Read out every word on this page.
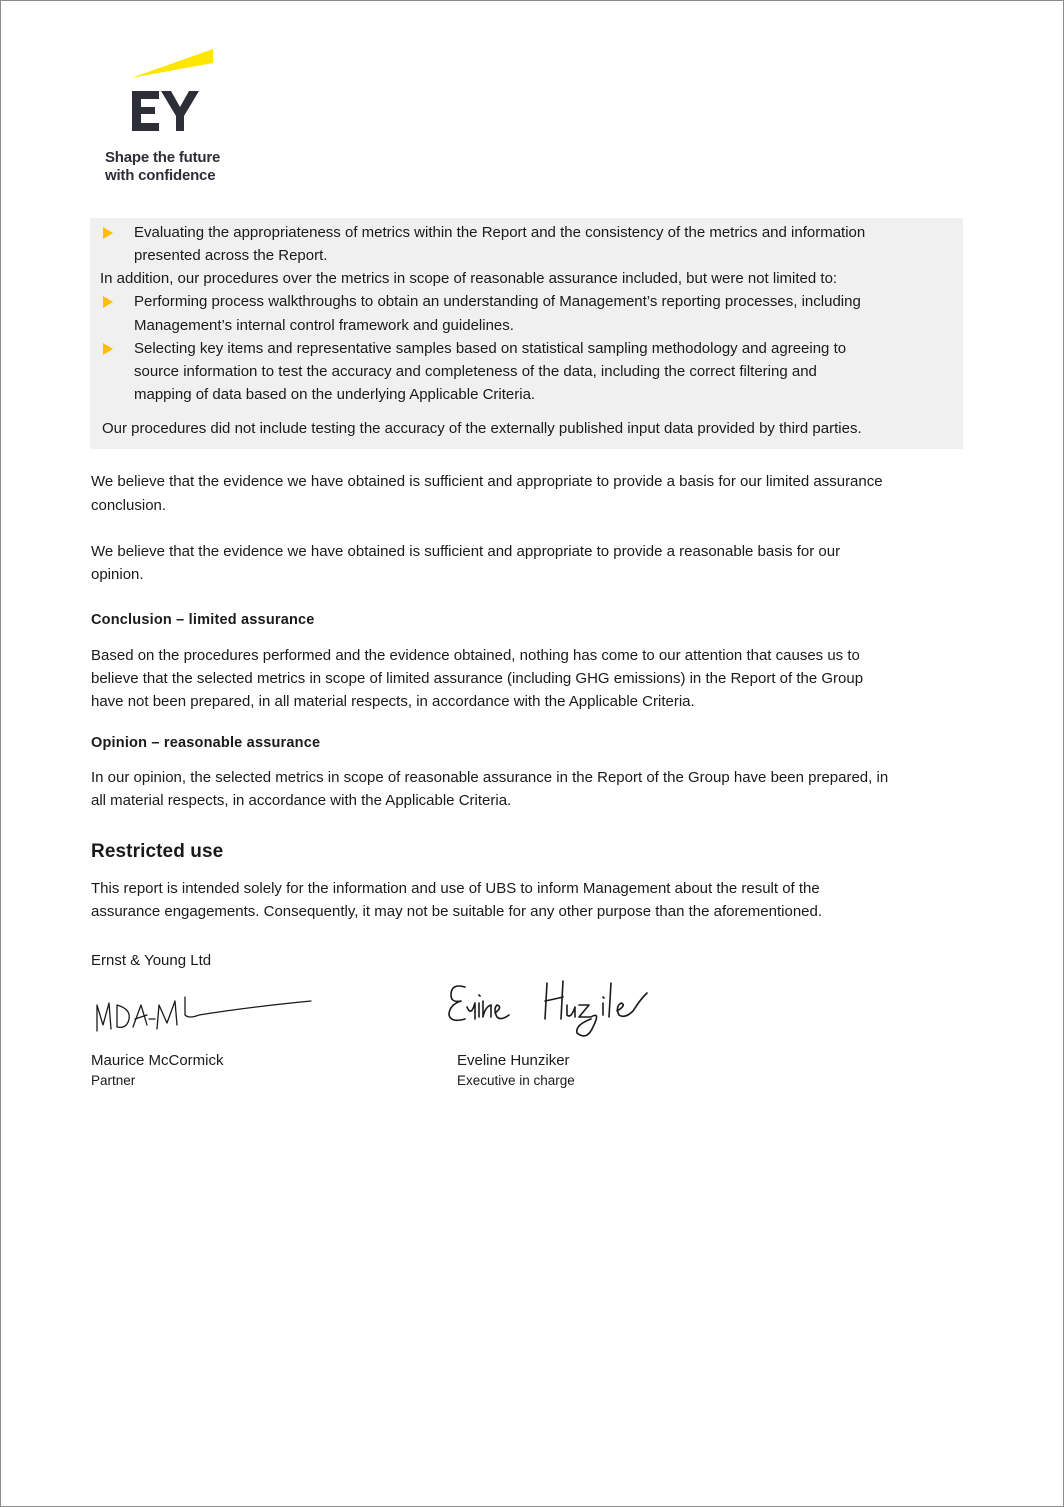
Shape the future
with confidence
Evaluating the appropriateness of metrics within the Report and the consistency of the metrics and information
presented across the Report.
In addition, our procedures over the metrics in scope of reasonable assurance included, but were not limited to:
Performing process walkthroughs to obtain an understanding of Management’s reporting processes, including
Management’s internal control framework and guidelines.
Selecting key items and representative samples based on statistical sampling methodology and agreeing to
source information to test the accuracy and completeness of the data, including the correct filtering and
mapping of data based on the underlying Applicable Criteria.
Our procedures did not include testing the accuracy of the externally published input data provided by third parties.
We believe that the evidence we have obtained is sufficient and appropriate to provide a basis for our limited assurance
conclusion.
We believe that the evidence we have obtained is sufficient and appropriate to provide a reasonable basis for our
opinion.
Conclusion – limited assurance
Based on the procedures performed and the evidence obtained, nothing has come to our attention that causes us to
believe that the selected metrics in scope of limited assurance (including GHG emissions) in the Report of the Group
have not been prepared, in all material respects, in accordance with the Applicable Criteria.
Opinion – reasonable assurance
In our opinion, the selected metrics in scope of reasonable assurance in the Report of the Group have been prepared, in
all material respects, in accordance with the Applicable Criteria.
Restricted use
This report is intended solely for the information and use of UBS to inform Management about the result of the
assurance engagements. Consequently, it may not be suitable for any other purpose than the aforementioned.
Ernst & Young Ltd
Maurice McCormick
Partner
Eveline Hunziker
Executive in charge
